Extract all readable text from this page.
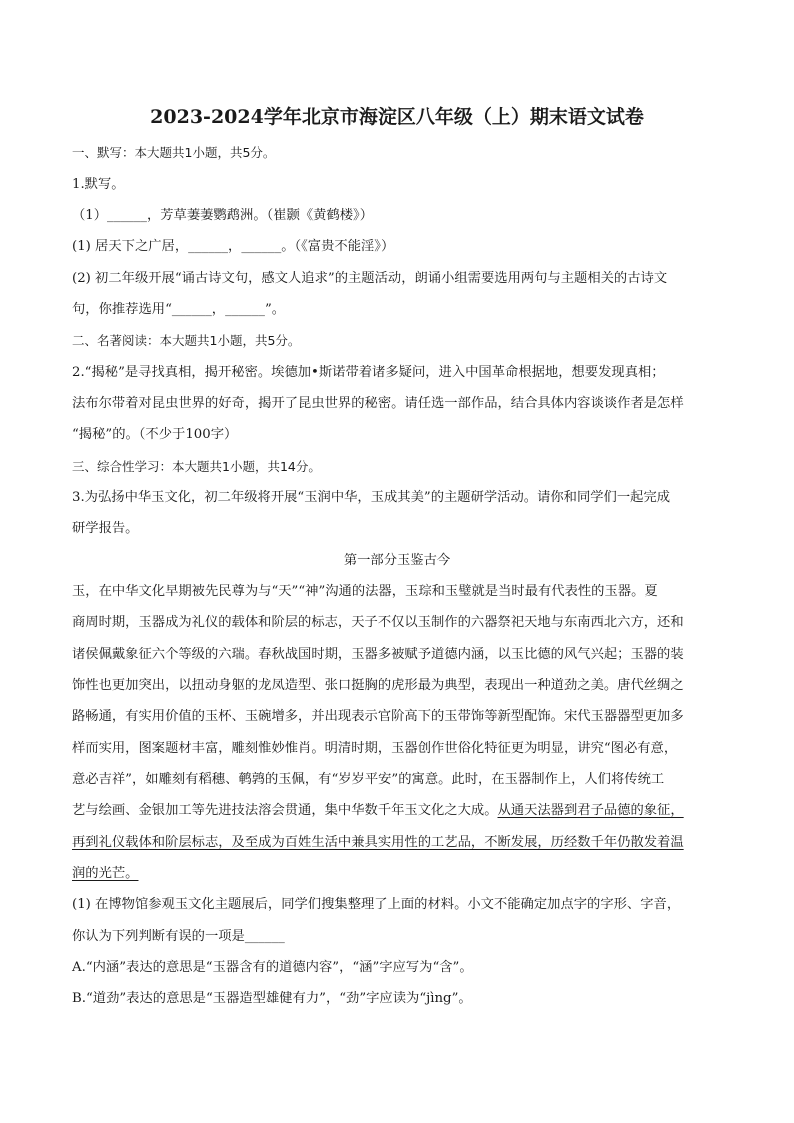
2023-2024学年北京市海淀区八年级（上）期末语文试卷
一、默写：本大题共1小题，共5分。
1.默写。
（1）______，芳草萋萋鹦鹉洲。（崔颢《黄鹤楼》）
(1) 居天下之广居，______，______。（《富贵不能淫》）
(2) 初二年级开展“诵古诗文句，感文人追求”的主题活动，朗诵小组需要选用两句与主题相关的古诗文
句，你推荐选用“______，______”。
二、名著阅读：本大题共1小题，共5分。
2.“揭秘”是寻找真相，揭开秘密。埃德加•斯诺带着诸多疑问，进入中国革命根据地，想要发现真相；
法布尔带着对昆虫世界的好奇，揭开了昆虫世界的秘密。请任选一部作品，结合具体内容谈谈作者是怎样
“揭秘”的。（不少于100字）
三、综合性学习：本大题共1小题，共14分。
3.为弘扬中华玉文化，初二年级将开展“玉润中华，玉成其美”的主题研学活动。请你和同学们一起完成
研学报告。
第一部分玉鉴古今
玉，在中华文化早期被先民尊为与“天”“神”沟通的法器，玉琮和玉璧就是当时最有代表性的玉器。夏
商周时期，玉器成为礼仪的载体和阶层的标志，天子不仅以玉制作的六器祭祀天地与东南西北六方，还和
诸侯佩戴象征六个等级的六瑞。春秋战国时期，玉器多被赋予道德内涵，以玉比德的风气兴起；玉器的装
饰性也更加突出，以扭动身躯的龙凤造型、张口挺胸的虎形最为典型，表现出一种道劲之美。唐代丝绸之
路畅通，有实用价值的玉杯、玉碗增多，并出现表示官阶高下的玉带饰等新型配饰。宋代玉器器型更加多
样而实用，图案题材丰富，雕刻惟妙惟肖。明清时期，玉器创作世俗化特征更为明显，讲究“图必有意，
意必吉祥”，如雕刻有稻穗、鹌鹑的玉佩，有“岁岁平安”的寓意。此时，在玉器制作上，人们将传统工
艺与绘画、金银加工等先进技法溶会贯通，集中华数千年玉文化之大成。从通天法器到君子品德的象征，
再到礼仪载体和阶层标志，及至成为百姓生活中兼具实用性的工艺品，不断发展，历经数千年仍散发着温
润的光芒。
(1) 在博物馆参观玉文化主题展后，同学们搜集整理了上面的材料。小文不能确定加点字的字形、字音，
你认为下列判断有误的一项是______
A.“内涵”表达的意思是“玉器含有的道德内容”，“涵”字应写为“含”。
B.“道劲”表达的意思是“玉器造型雄健有力”，“劲”字应读为“jìng”。
